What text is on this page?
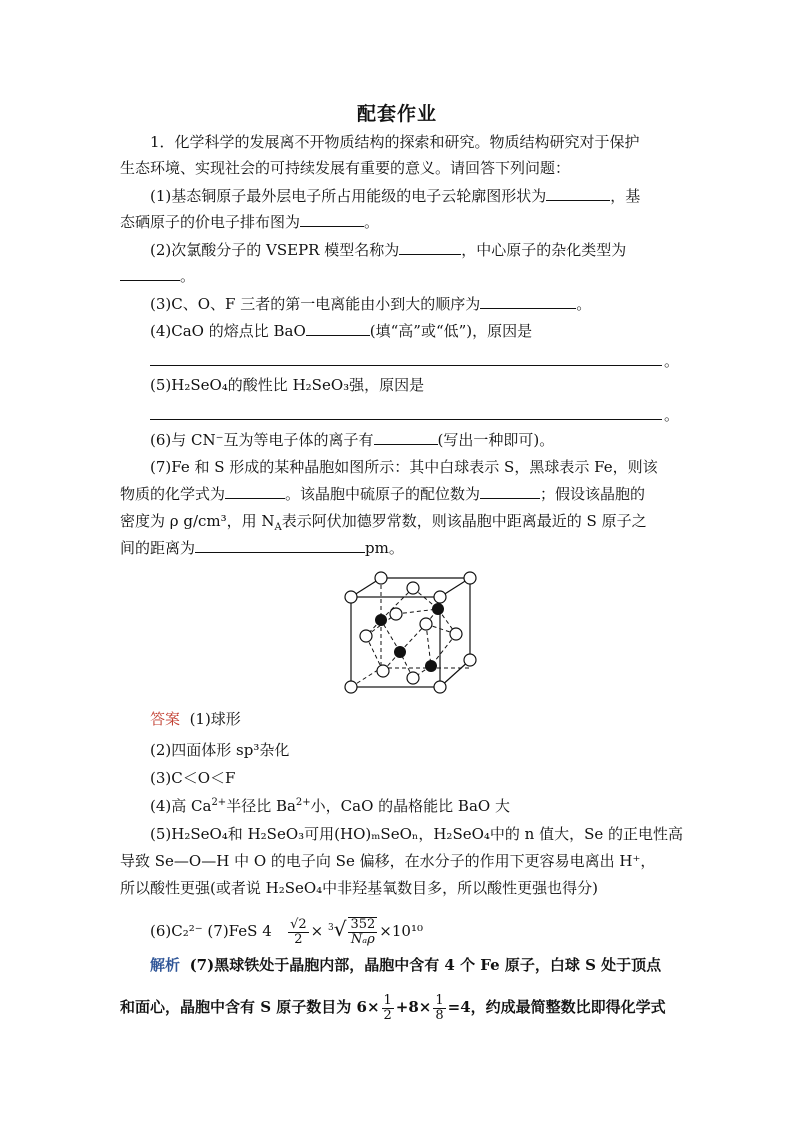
配套作业
1．化学科学的发展离不开物质结构的探索和研究。物质结构研究对于保护
生态环境、实现社会的可持续发展有重要的意义。请回答下列问题：
(1)基态铜原子最外层电子所占用能级的电子云轮廓图形状为	，基
态硒原子的价电子排布图为	。
(2)次氯酸分子的 VSEPR 模型名称为	，中心原子的杂化类型为
。
(3)C、O、F 三者的第一电离能由小到大的顺序为	。
(4)CaO 的熔点比 BaO	(填“高”或“低”)，原因是
。
(5)H₂SeO₄的酸性比 H₂SeO₃强，原因是
。
(6)与 CN⁻互为等电子体的离子有	(写出一种即可)。
(7)Fe 和 S 形成的某种晶胞如图所示：其中白球表示 S，黑球表示 Fe，则该
物质的化学式为	。该晶胞中硫原子的配位数为	；假设该晶胞的
密度为 ρ g/cm³，用 $N_A$表示阿伏加德罗常数，则该晶胞中距离最近的 S 原子之
间的距离为	pm。
答案 (1)球形
(2)四面体形 sp³杂化
(3)C＜O＜F
(4)高 $Ca^{2+}$半径比 $Ba^{2+}$小，CaO 的晶格能比 BaO 大
(5)H₂SeO₄和 H₂SeO₃可用(HO)ₘSeOₙ，H₂SeO₄中的 n 值大，Se 的正电性高
导致 Se—O—H 中 O 的电子向 Se 偏移，在水分子的作用下更容易电离出 H⁺，
所以酸性更强(或者说 H₂SeO₄中非羟基氧数目多，所以酸性更强也得分)
(6)C₂²⁻ (7)FeS $4 \frac{√2}{2} \times ^3√ \frac{352}{\text{Nₐρ}} \times 10^{10}$
解析 (7)黑球铁处于晶胞内部，晶胞中含有 4 个 Fe 原子，白球 S 处于顶点
和面心，晶胞中含有 S 原子数目为 $6\times \frac{1}{2} +8\times \frac{1}{8} =4$，约成最简整数比即得化学式
